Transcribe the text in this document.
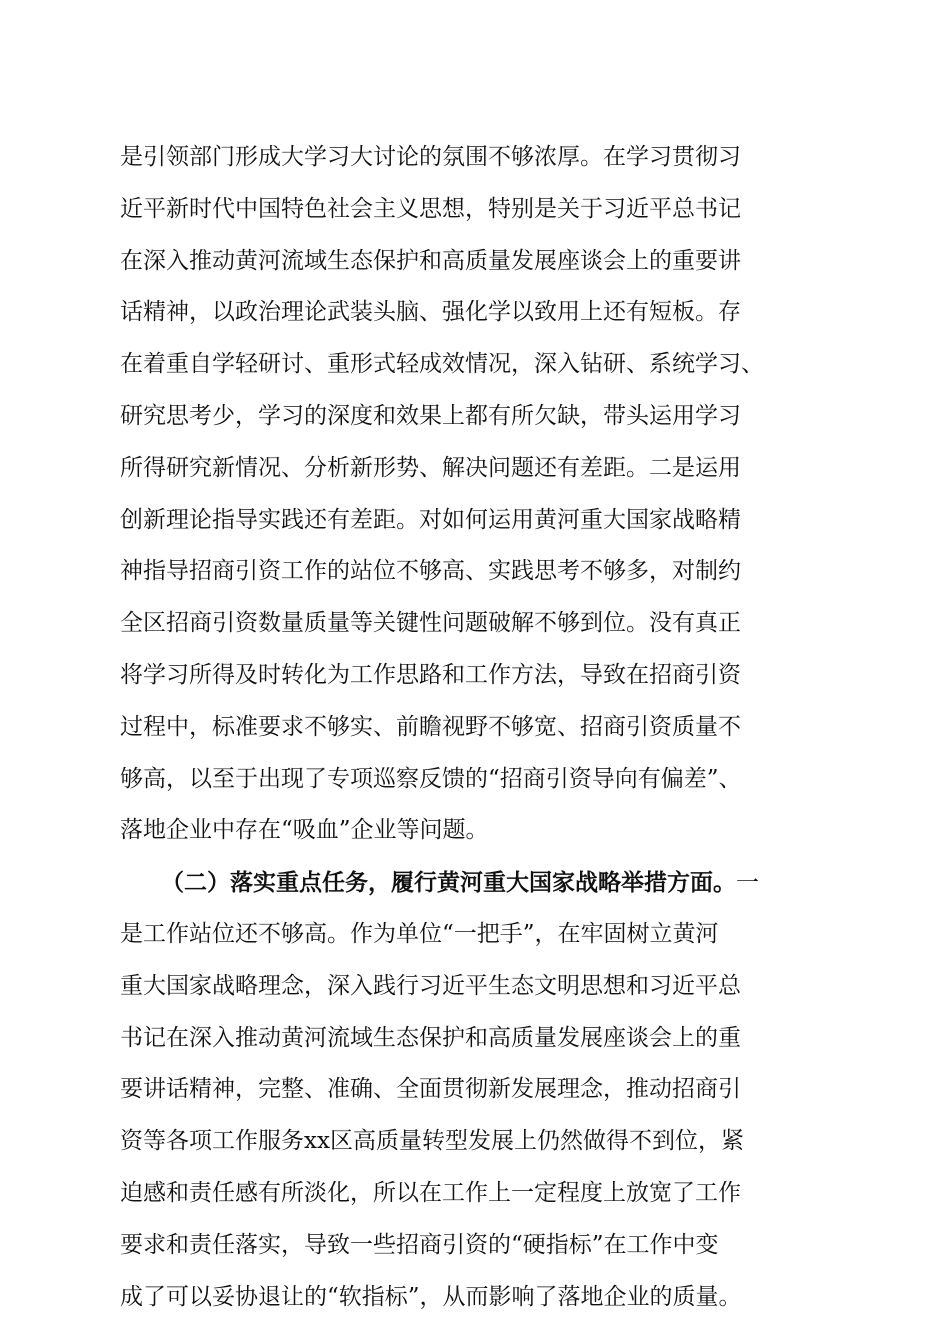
是引领部门形成大学习大讨论的氛围不够浓厚。在学习贯彻习
近平新时代中国特色社会主义思想，特别是关于习近平总书记
在深入推动黄河流域生态保护和高质量发展座谈会上的重要讲
话精神，以政治理论武装头脑、强化学以致用上还有短板。存
在着重自学轻研讨、重形式轻成效情况，深入钻研、系统学习、
研究思考少，学习的深度和效果上都有所欠缺，带头运用学习
所得研究新情况、分析新形势、解决问题还有差距。二是运用
创新理论指导实践还有差距。对如何运用黄河重大国家战略精
神指导招商引资工作的站位不够高、实践思考不够多，对制约
全区招商引资数量质量等关键性问题破解不够到位。没有真正
将学习所得及时转化为工作思路和工作方法，导致在招商引资
过程中，标准要求不够实、前瞻视野不够宽、招商引资质量不
够高，以至于出现了专项巡察反馈的“招商引资导向有偏差”、
落地企业中存在“吸血”企业等问题。
（二）落实重点任务，履行黄河重大国家战略举措方面。一
是工作站位还不够高。作为单位“一把手”，在牢固树立黄河
重大国家战略理念，深入践行习近平生态文明思想和习近平总
书记在深入推动黄河流域生态保护和高质量发展座谈会上的重
要讲话精神，完整、准确、全面贯彻新发展理念，推动招商引
资等各项工作服务xx区高质量转型发展上仍然做得不到位，紧
迫感和责任感有所淡化，所以在工作上一定程度上放宽了工作
要求和责任落实，导致一些招商引资的“硬指标”在工作中变
成了可以妥协退让的“软指标”，从而影响了落地企业的质量。
